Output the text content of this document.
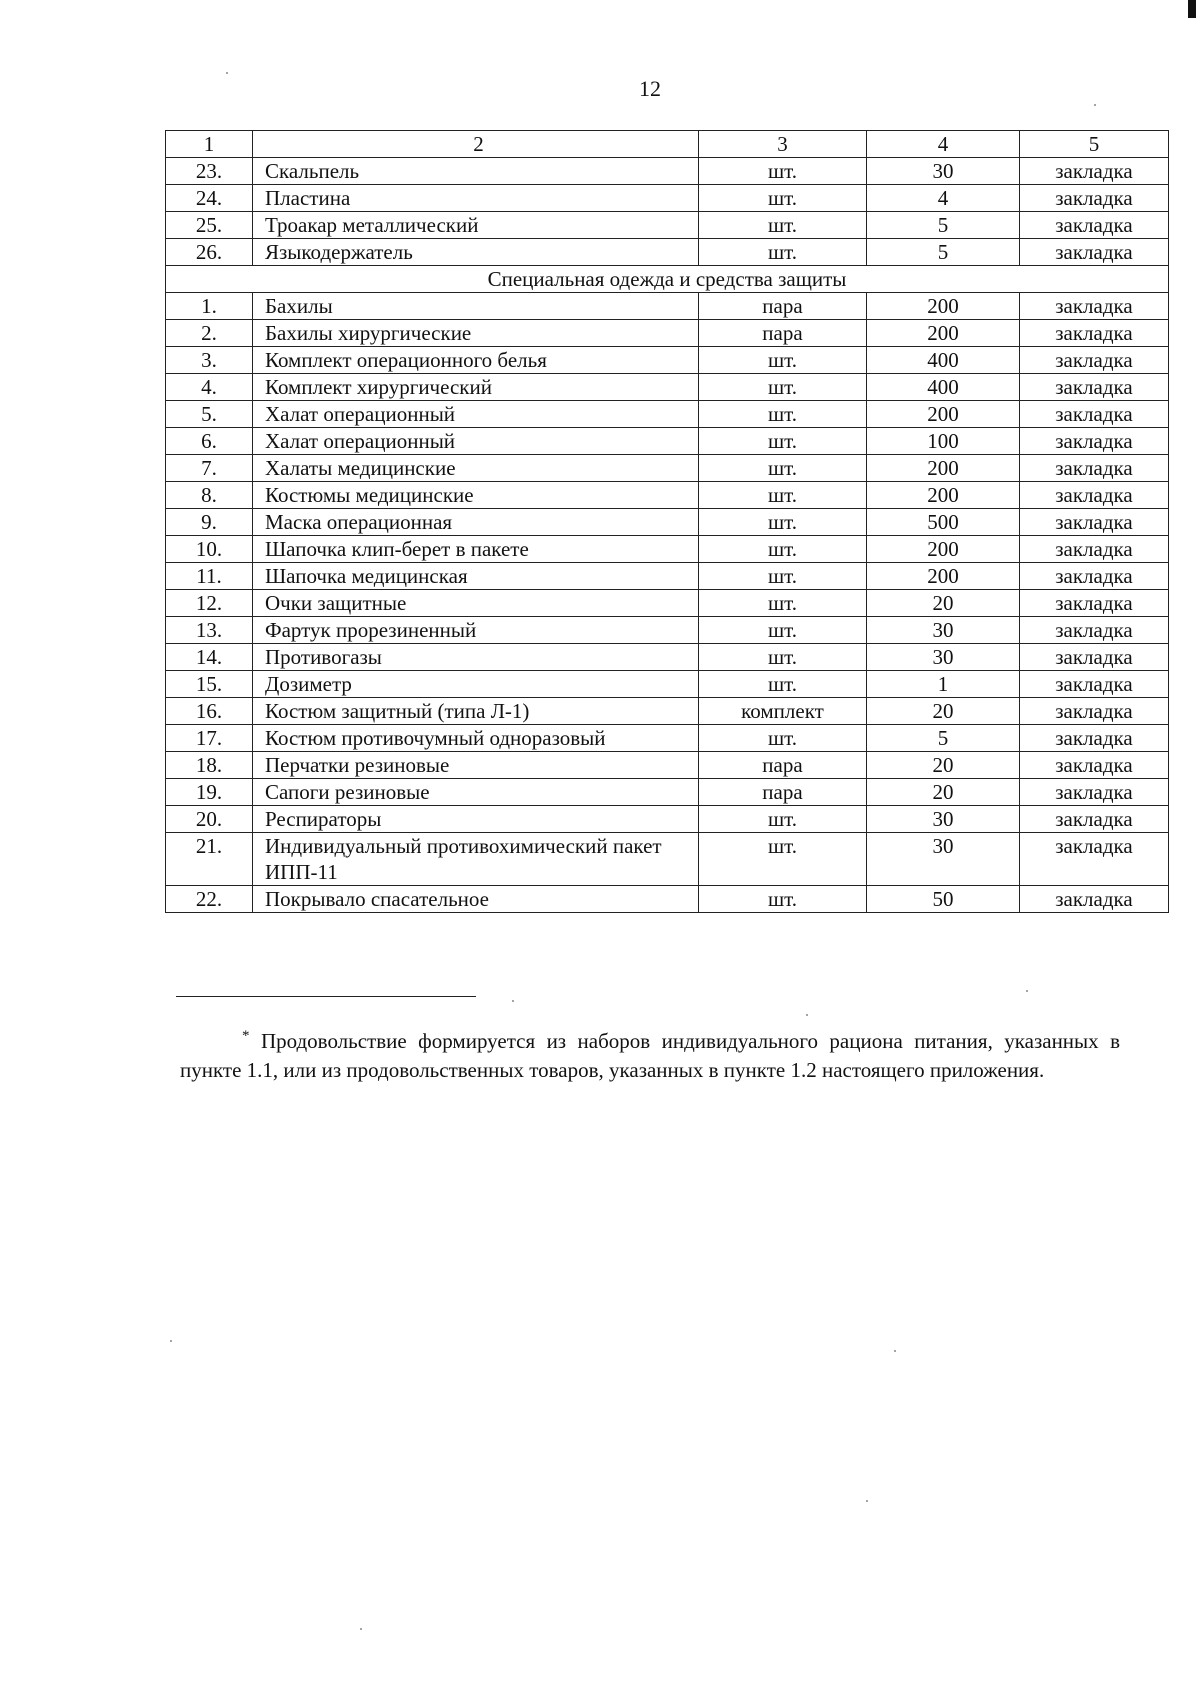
12
1	2	3	4	5
23.	Скальпель	шт.	30	закладка
24.	Пластина	шт.	4	закладка
25.	Троакар металлический	шт.	5	закладка
26.	Языкодержатель	шт.	5	закладка
Специальная одежда и средства защиты				
1.	Бахилы	пара	200	закладка
2.	Бахилы хирургические	пара	200	закладка
3.	Комплект операционного белья	шт.	400	закладка
4.	Комплект хирургический	шт.	400	закладка
5.	Халат операционный	шт.	200	закладка
6.	Халат операционный	шт.	100	закладка
7.	Халаты медицинские	шт.	200	закладка
8.	Костюмы медицинские	шт.	200	закладка
9.	Маска операционная	шт.	500	закладка
10.	Шапочка клип-берет в пакете	шт.	200	закладка
11.	Шапочка медицинская	шт.	200	закладка
12.	Очки защитные	шт.	20	закладка
13.	Фартук прорезиненный	шт.	30	закладка
14.	Противогазы	шт.	30	закладка
15.	Дозиметр	шт.	1	закладка
16.	Костюм защитный (типа Л-1)	комплект	20	закладка
17.	Костюм противочумный одноразовый	шт.	5	закладка
18.	Перчатки резиновые	пара	20	закладка
19.	Сапоги резиновые	пара	20	закладка
20.	Респираторы	шт.	30	закладка
21.	Индивидуальный противохимический пакет ИПП-11	шт.	30	закладка
22.	Покрывало спасательное	шт.	50	закладка
* Продовольствие формируется из наборов индивидуального рациона питания, указанных в пункте 1.1, или из продовольственных товаров, указанных в пункте 1.2 настоящего приложения.
